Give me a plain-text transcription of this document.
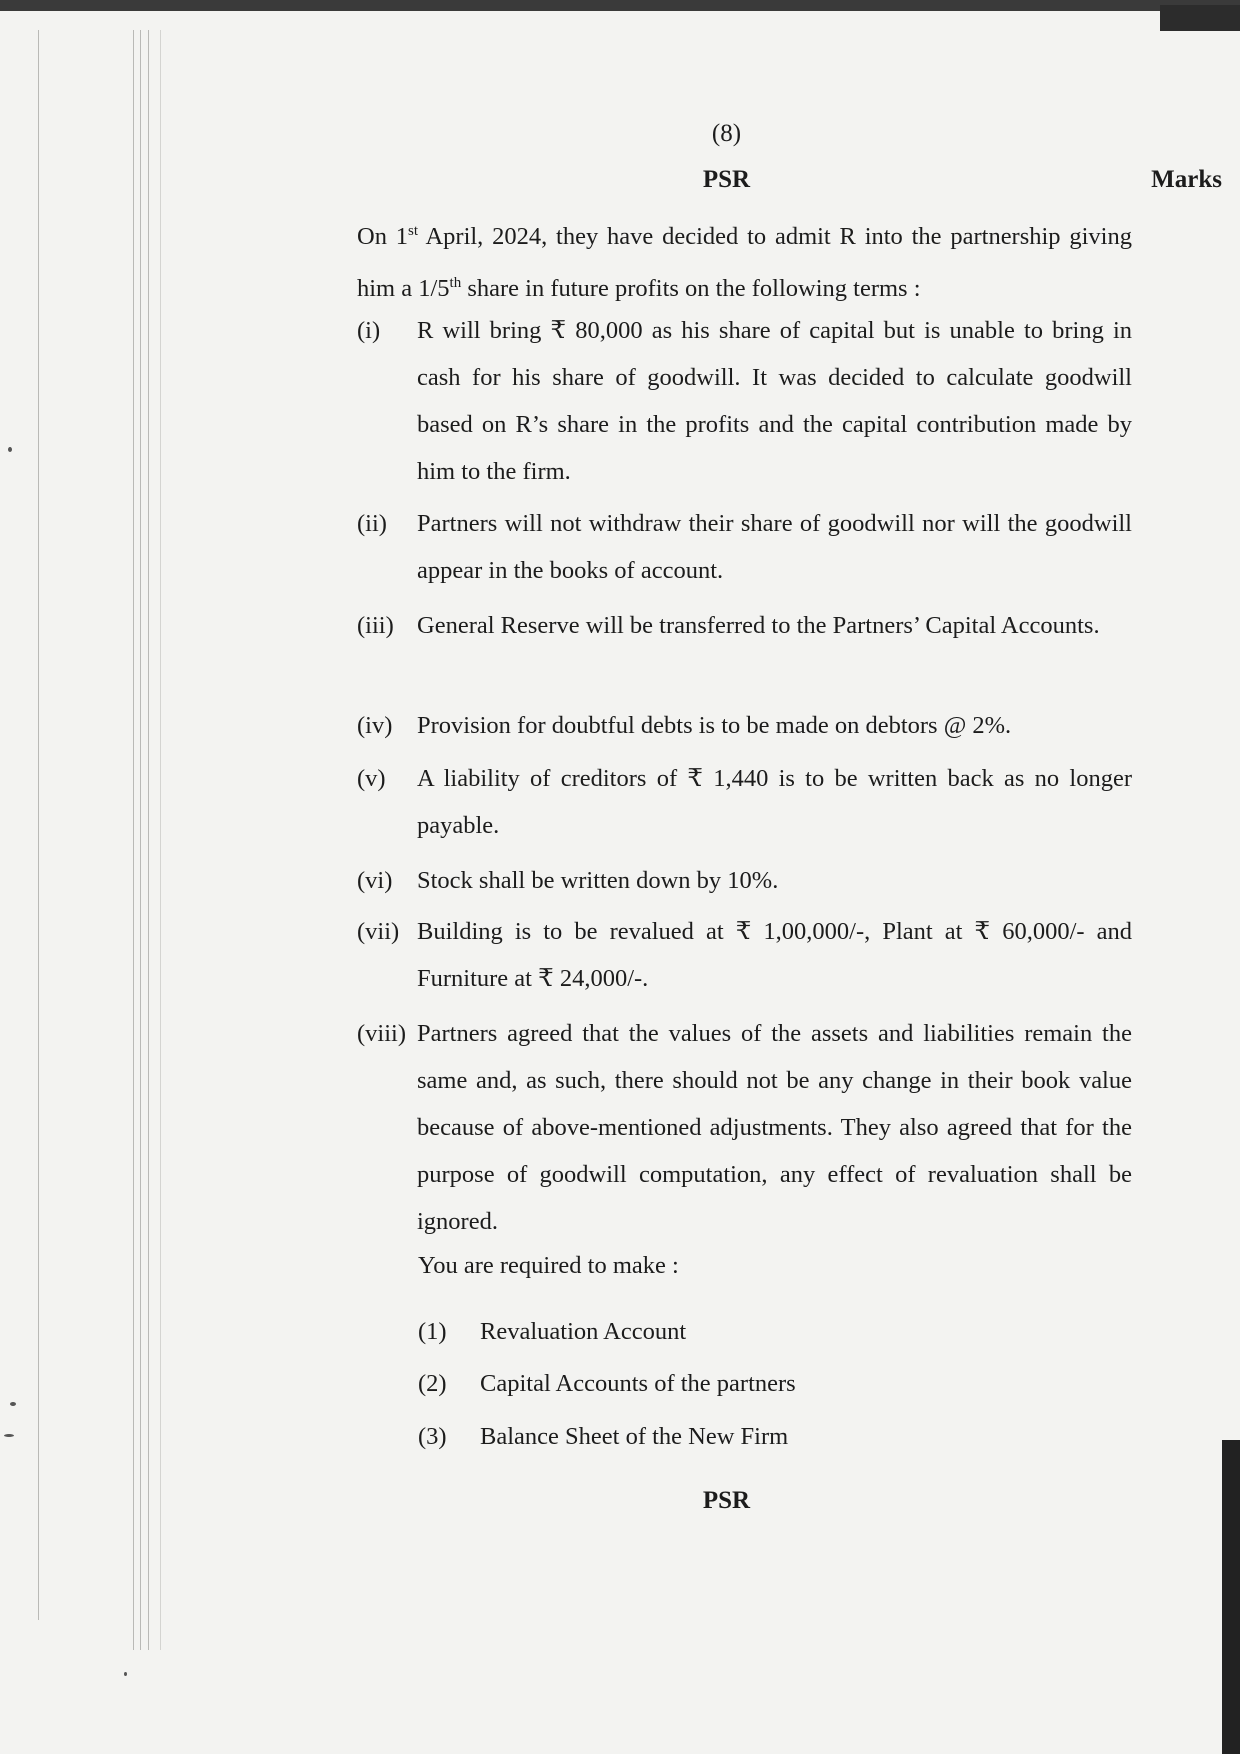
(8)
PSR	Marks
On 1st April, 2024, they have decided to admit R into the partnership giving him a 1/5th share in future profits on the following terms :
(i) R will bring ₹ 80,000 as his share of capital but is unable to bring in cash for his share of goodwill. It was decided to calculate goodwill based on R’s share in the profits and the capital contribution made by him to the firm.
(ii) Partners will not withdraw their share of goodwill nor will the goodwill appear in the books of account.
(iii) General Reserve will be transferred to the Partners’ Capital Accounts.
(iv) Provision for doubtful debts is to be made on debtors @ 2%.
(v) A liability of creditors of ₹ 1,440 is to be written back as no longer payable.
(vi) Stock shall be written down by 10%.
(vii) Building is to be revalued at ₹ 1,00,000/-, Plant at ₹ 60,000/- and Furniture at ₹ 24,000/-.
(viii) Partners agreed that the values of the assets and liabilities remain the same and, as such, there should not be any change in their book value because of above-mentioned adjustments. They also agreed that for the purpose of goodwill computation, any effect of revaluation shall be ignored.
You are required to make :
(1) Revaluation Account
(2) Capital Accounts of the partners
(3) Balance Sheet of the New Firm
PSR
